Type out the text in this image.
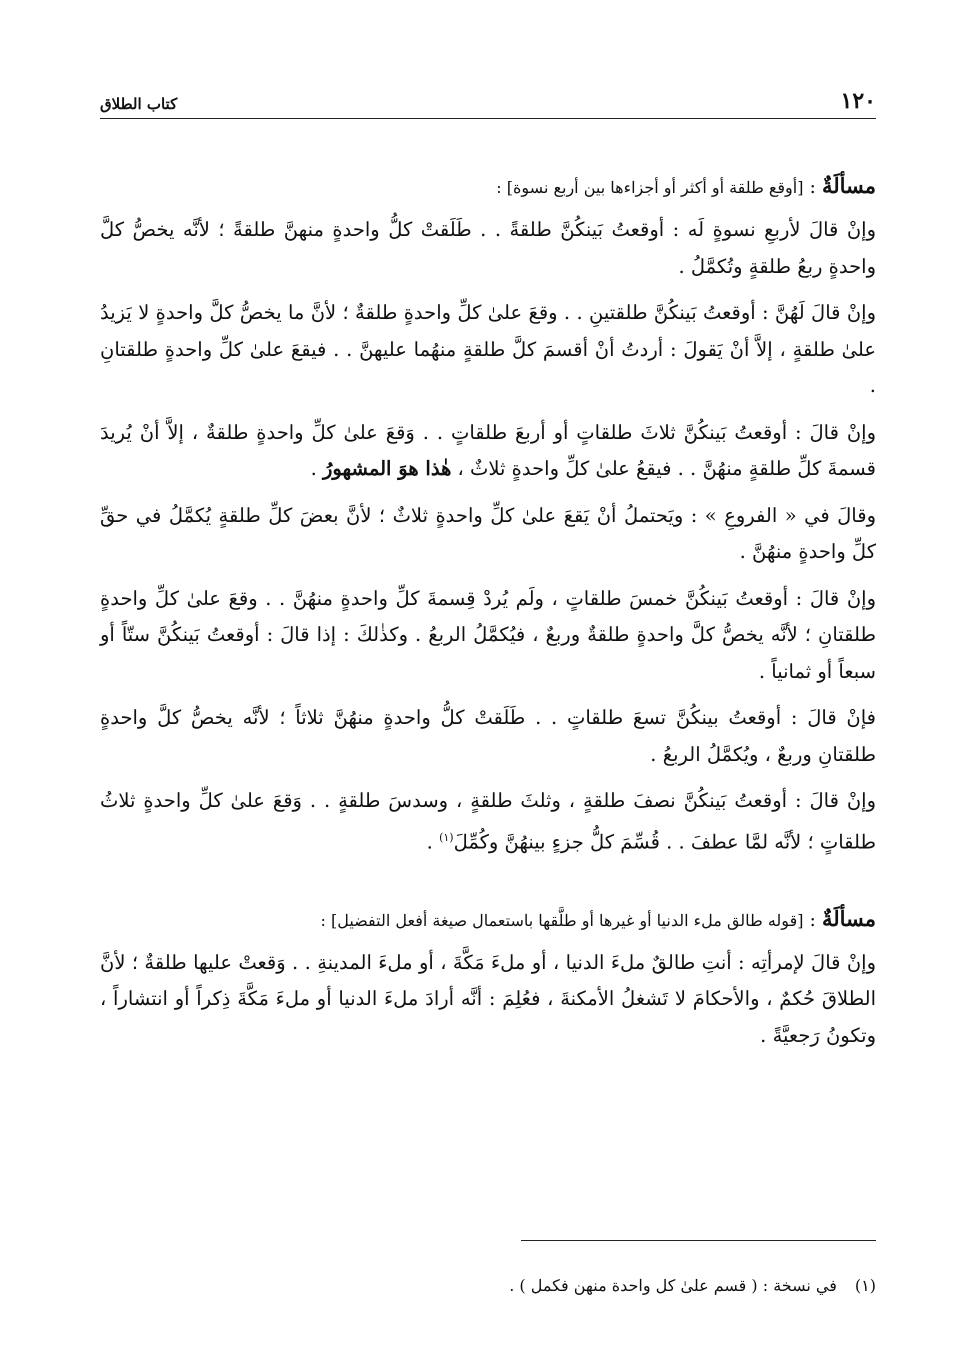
١٢٠
كتاب الطلاق
مسألَةٌ : [أوقع طلقة أو أكثر أو أجزاءها بين أربع نسوة] :

وإنْ قالَ لأربعِ نسوةٍ لَه : أوقعتُ بَينكُنَّ طلقةً . . طَلَقتْ كلُّ واحدةٍ منهنَّ طلقةً ؛ لأنَّه يخصُّ كلَّ واحدةٍ ربعُ طلقةٍ وتُكمَّلُ .

وإنْ قالَ لَهُنَّ : أوقعتُ بَينكُنَّ طلقتينِ . . وقعَ علىٰ كلِّ واحدةٍ طلقةٌ ؛ لأنَّ ما يخصُّ كلَّ واحدةٍ لا يَزيدُ علىٰ طلقةٍ ، إلاَّ أنْ يَقولَ : أردتُ أنْ أقسمَ كلَّ طلقةٍ منهُما عليهنَّ . . فيقعَ علىٰ كلِّ واحدةٍ طلقتانِ .

وإنْ قالَ : أوقعتُ بَينكُنَّ ثلاثَ طلقاتٍ أو أربعَ طلقاتٍ . . وَقعَ علىٰ كلِّ واحدةٍ طلقةٌ ، إلاَّ أنْ يُريدَ قسمةَ كلِّ طلقةٍ منهُنَّ . . فيقعُ علىٰ كلِّ واحدةٍ ثلاثٌ ، هٰذا هوَ المشهورُ .

وقالَ في « الفروعِ » : ويَحتملُ أنْ يَقعَ علىٰ كلِّ واحدةٍ ثلاثٌ ؛ لأنَّ بعضَ كلِّ طلقةٍ يُكمَّلُ في حقِّ كلِّ واحدةٍ منهُنَّ .

وإنْ قالَ : أوقعتُ بَينكُنَّ خمسَ طلقاتٍ ، ولَم يُردْ قِسمةَ كلِّ واحدةٍ منهُنَّ . . وقعَ علىٰ كلِّ واحدةٍ طلقتانِ ؛ لأنَّه يخصُّ كلَّ واحدةٍ طلقةٌ وربعٌ ، فيُكمَّلُ الربعُ . وكذٰلكَ : إذا قالَ : أوقعتُ بَينكُنَّ ستّاً أو سبعاً أو ثمانياً .

فإنْ قالَ : أوقعتُ بينكُنَّ تسعَ طلقاتٍ . . طَلَقتْ كلُّ واحدةٍ منهُنَّ ثلاثاً ؛ لأنَّه يخصُّ كلَّ واحدةٍ طلقتانِ وربعٌ ، ويُكمَّلُ الربعُ .

وإنْ قالَ : أوقعتُ بَينكُنَّ نصفَ طلقةٍ ، وثلثَ طلقةٍ ، وسدسَ طلقةٍ . . وَقعَ علىٰ كلِّ واحدةٍ ثلاثُ طلقاتٍ ؛ لأنَّه لمَّا عطفَ . . قُسِّمَ كلُّ جزءٍ بينهُنَّ وكُمِّلَ$^{(١)}$ .

مسألَةٌ : [قوله طالق ملء الدنيا أو غيرها أو طلَّقها باستعمال صيغة أفعل التفضيل] :

وإنْ قالَ لإمرأتِه : أنتِ طالقٌ ملءَ الدنيا ، أو ملءَ مَكَّةَ ، أو ملءَ المدينةِ . . وَقعتْ عليها طلقةٌ ؛ لأنَّ الطلاقَ حُكمٌ ، والأحكامَ لا تَشغلُ الأمكنةَ ، فعُلِمَ : أنَّه أرادَ ملءَ الدنيا أو ملءَ مَكَّةَ ذِكراً أو انتشاراً ، وتكونُ رَجعيَّةً .

(١)في نسخة : ( قسم علىٰ كل واحدة منهن فكمل ) .
